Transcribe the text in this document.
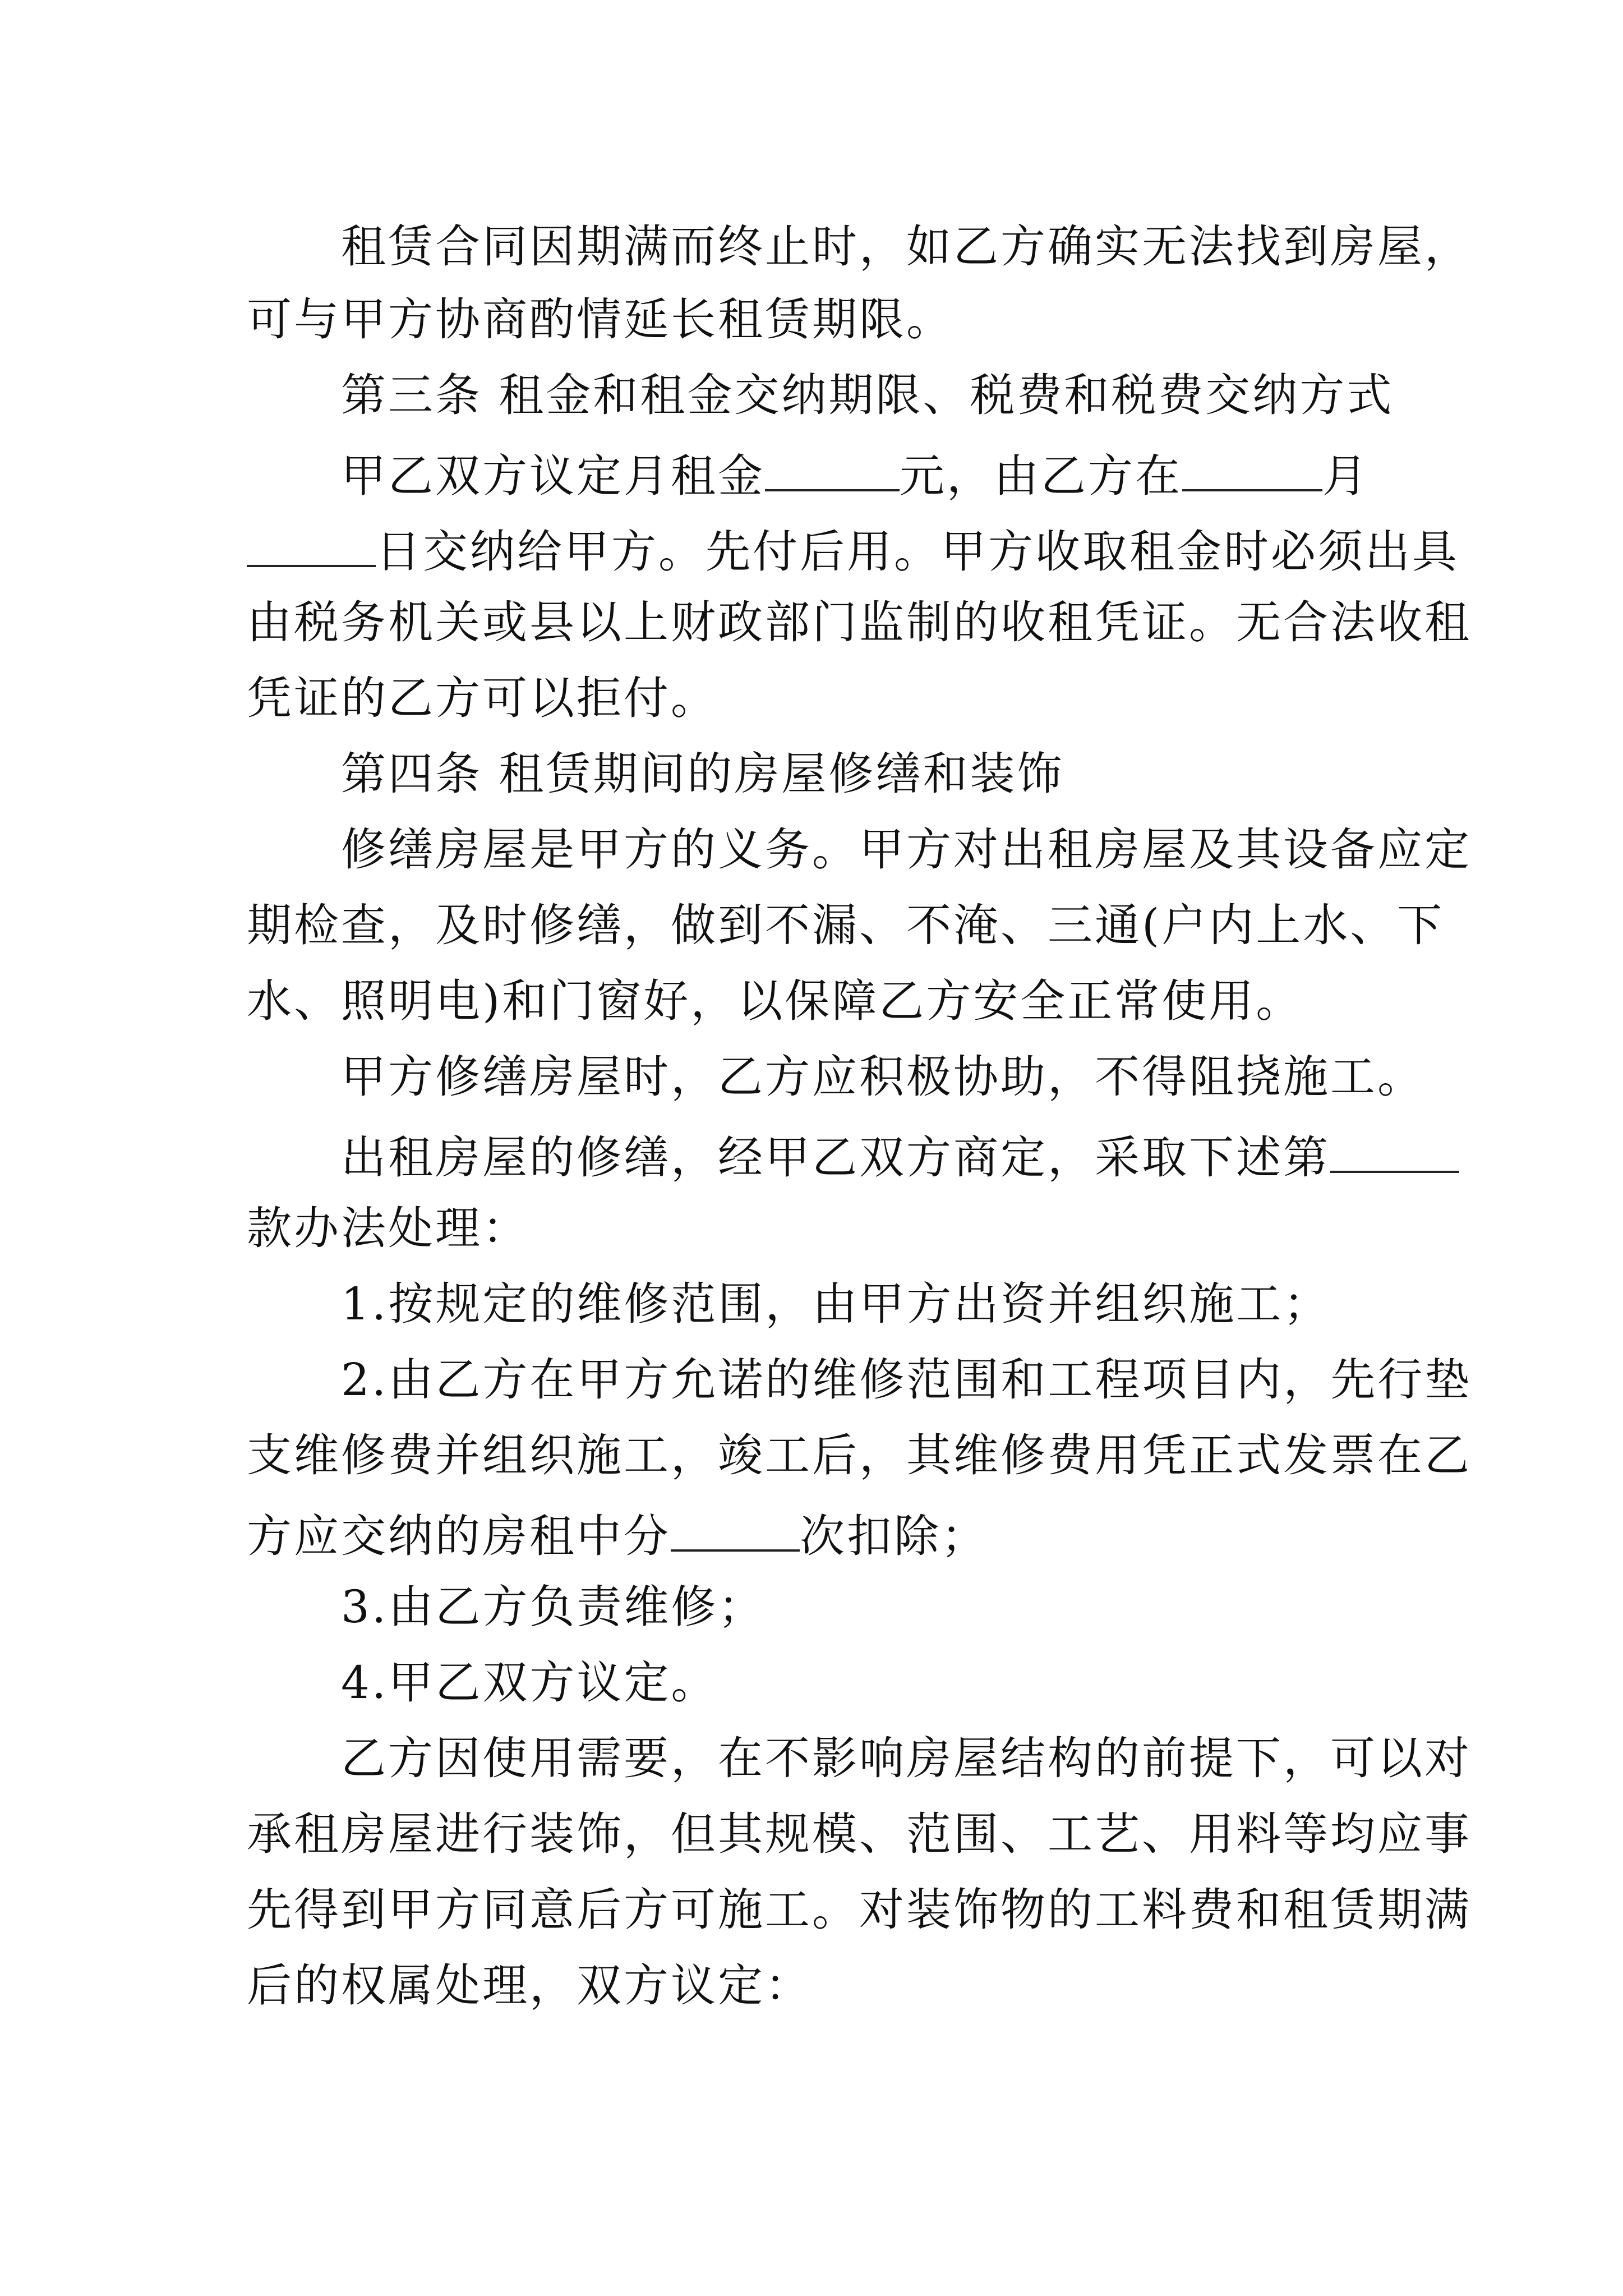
　　租赁合同因期满而终止时，如乙方确实无法找到房屋，
可与甲方协商酌情延长租赁期限。
　　第三条 租金和租金交纳期限、税费和税费交纳方式
　　甲乙双方议定月租金	元，由乙方在	月
日交纳给甲方。先付后用。甲方收取租金时必须出具
由税务机关或县以上财政部门监制的收租凭证。无合法收租
凭证的乙方可以拒付。
　　第四条 租赁期间的房屋修缮和装饰
　　修缮房屋是甲方的义务。甲方对出租房屋及其设备应定
期检查，及时修缮，做到不漏、不淹、三通(户内上水、下
水、照明电)和门窗好，以保障乙方安全正常使用。
　　甲方修缮房屋时，乙方应积极协助，不得阻挠施工。
　　出租房屋的修缮，经甲乙双方商定，采取下述第
款办法处理：
　　1.按规定的维修范围，由甲方出资并组织施工；
　　2.由乙方在甲方允诺的维修范围和工程项目内，先行垫
支维修费并组织施工，竣工后，其维修费用凭正式发票在乙
方应交纳的房租中分	次扣除；
　　3.由乙方负责维修；
　　4.甲乙双方议定。
　　乙方因使用需要，在不影响房屋结构的前提下，可以对
承租房屋进行装饰，但其规模、范围、工艺、用料等均应事
先得到甲方同意后方可施工。对装饰物的工料费和租赁期满
后的权属处理，双方议定：
